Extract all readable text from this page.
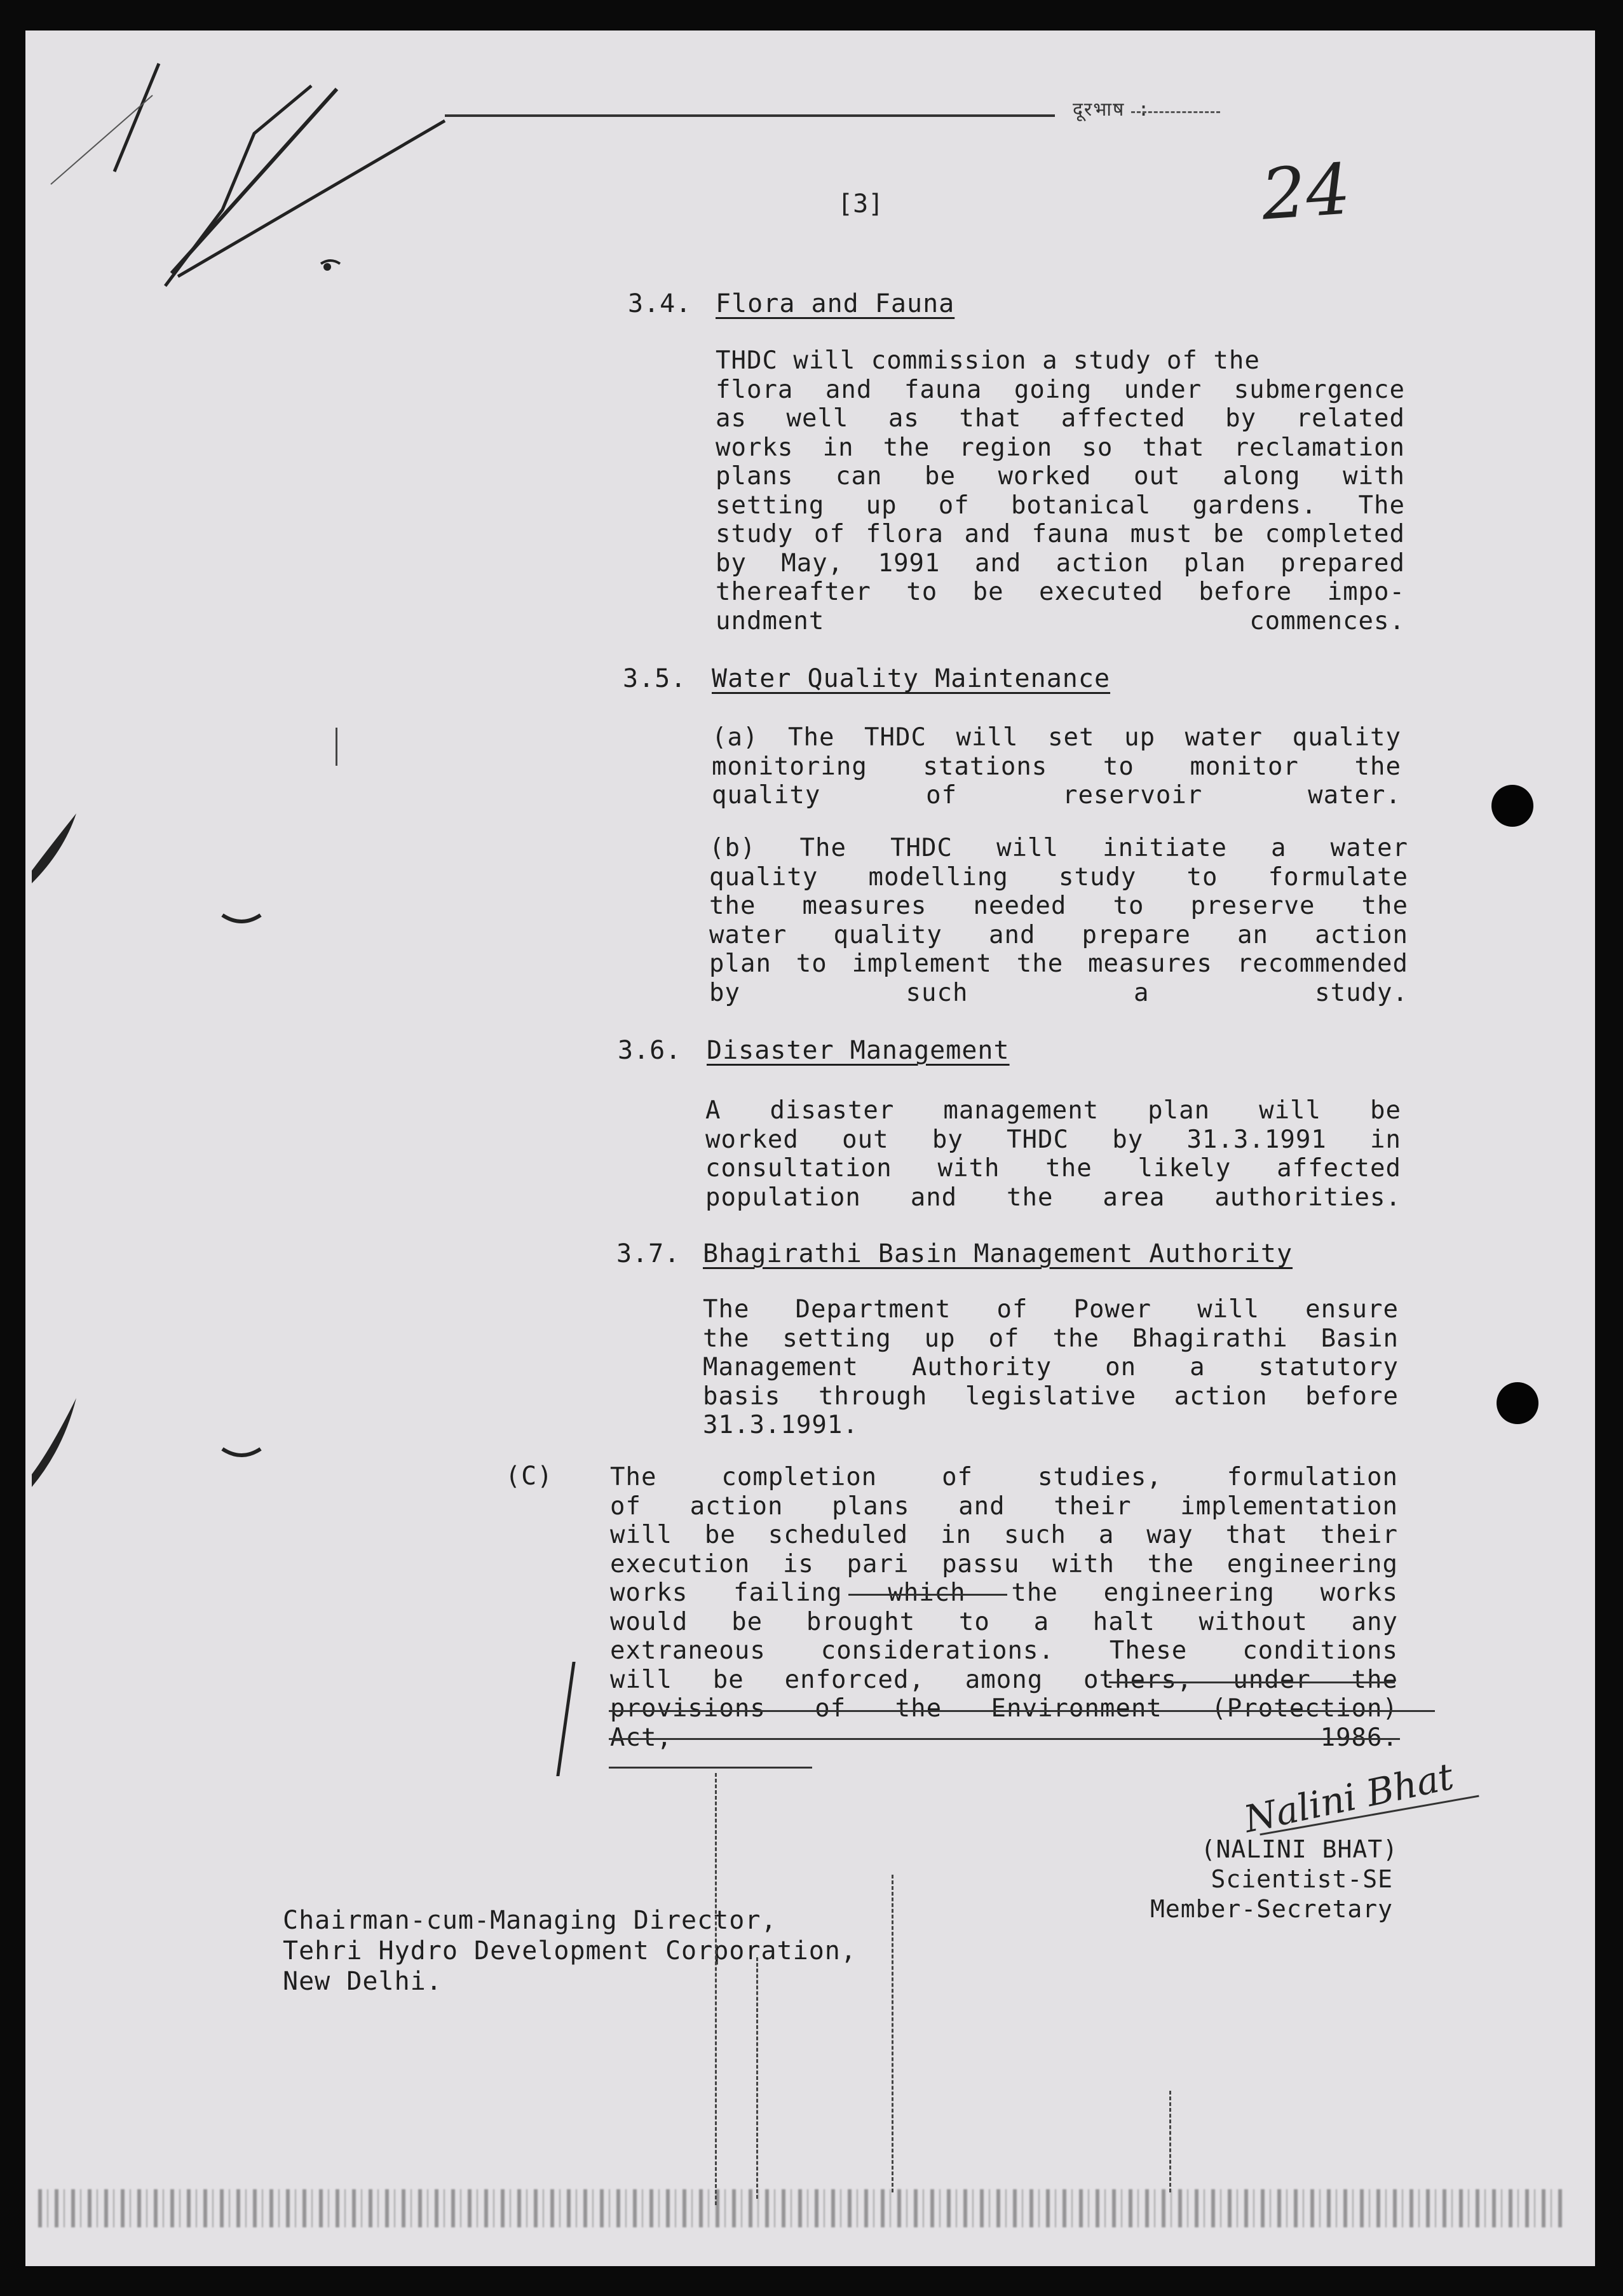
दूरभाष :
[3]	24
3.4. Flora and Fauna
THDC will commission a study of the
flora and fauna going under submergence
as well as that affected by related
works in the region so that reclamation
plans can be worked out along with
setting up of botanical gardens. The
study of flora and fauna must be completed
by May, 1991 and action plan prepared
thereafter to be executed before impo-
undment commences.
3.5. Water Quality Maintenance
(a) The THDC will set up water quality
monitoring stations to monitor the
quality of reservoir water.
(b) The THDC will initiate a water
quality modelling study to formulate
the measures needed to preserve the
water quality and prepare an action
plan to implement the measures recommended
by such a study.
3.6. Disaster Management
A disaster management plan will be
worked out by THDC by 31.3.1991 in
consultation with the likely affected
population and the area authorities.
3.7. Bhagirathi Basin Management Authority
The Department of Power will ensure
the setting up of the Bhagirathi Basin
Management Authority on a statutory
basis through legislative action before
31.3.1991.
(C) The completion of studies, formulation
of action plans and their implementation
will be scheduled in such a way that their
execution is pari passu with the engineering
works failing which the engineering works
would be brought to a halt without any
extraneous considerations. These conditions
will be enforced, among others, under the
provisions of the Environment (Protection)
Act, 1986.
Nalini Bhat
(NALINI BHAT)
Scientist-SE
Member-Secretary
Chairman-cum-Managing Director,
Tehri Hydro Development Corporation,
New Delhi.
